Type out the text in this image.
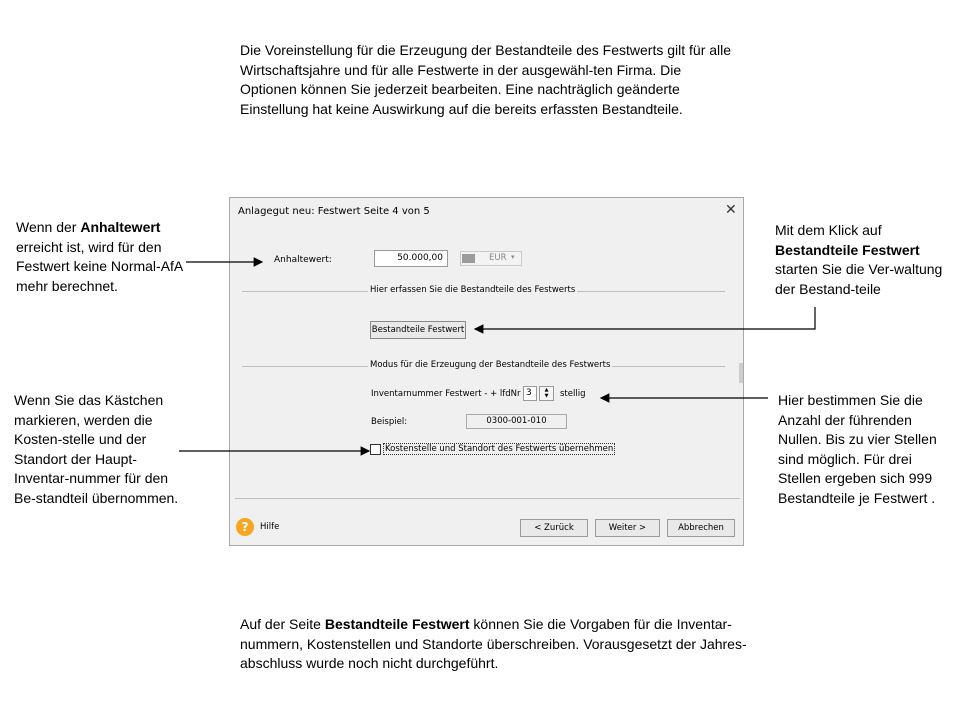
Die Voreinstellung für die Erzeugung der Bestandteile des Festwerts gilt für alle Wirtschaftsjahre und für alle Festwerte in der ausgewähl-ten Firma. Die Optionen können Sie jederzeit bearbeiten. Eine nachträglich geänderte Einstellung hat keine Auswirkung auf die bereits erfassten Bestandteile.
Wenn der Anhaltewert erreicht ist, wird für den Festwert keine Normal-AfA mehr berechnet.
Wenn Sie das Kästchen markieren, werden die Kosten-stelle und der Standort der Haupt-Inventar-nummer für den Be-standteil übernommen.
Mit dem Klick auf Bestandteile Festwert starten Sie die Ver-waltung der Bestand-teile
Hier bestimmen Sie die Anzahl der führenden Nullen. Bis zu vier Stellen sind möglich. Für drei Stellen ergeben sich 999 Bestandteile je Festwert .
Auf der Seite Bestandteile Festwert können Sie die Vorgaben für die Inventar-nummern, Kostenstellen und Standorte überschreiben. Vorausgesetzt der Jahres-abschluss wurde noch nicht durchgeführt.
Anlagegut neu: Festwert Seite 4 von 5	✕
Anhaltewert:	50.000,00	EUR ▾
Hier erfassen Sie die Bestandteile des Festwerts
Bestandteile Festwert
Modus für die Erzeugung der Bestandteile des Festwerts
Inventarnummer Festwert - + lfdNr 3	▲
▼	stellig
Beispiel:	0300-001-010
Kostenstelle und Standort des Festwerts übernehmen
?	Hilfe	< Zurück	Weiter >	Abbrechen
